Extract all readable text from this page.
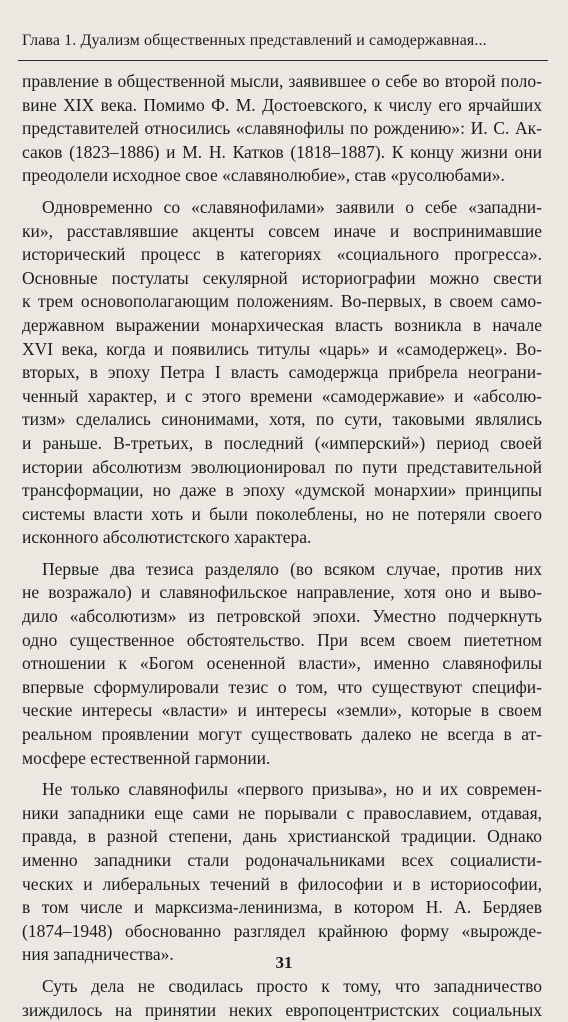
Глава 1. Дуализм общественных представлений и самодержавная...
правление в общественной мысли, заявившее о себе во второй поло-
вине XIX века. Помимо Ф. М. Достоевского, к числу его ярчайших
представителей относились «славянофилы по рождению»: И. С. Ак-
саков (1823–1886) и М. Н. Катков (1818–1887). К концу жизни они
преодолели исходное свое «славянолюбие», став «русолюбами».
Одновременно со «славянофилами» заявили о себе «западни-
ки», расставлявшие акценты совсем иначе и воспринимавшие
исторический процесс в категориях «социального прогресса».
Основные постулаты секулярной историографии можно свести
к трем основополагающим положениям. Во-первых, в своем само-
державном выражении монархическая власть возникла в начале
XVI века, когда и появились титулы «царь» и «самодержец». Во-
вторых, в эпоху Петра I власть самодержца прибрела неограни-
ченный характер, и с этого времени «самодержавие» и «абсолю-
тизм» сделались синонимами, хотя, по сути, таковыми являлись
и раньше. В-третьих, в последний («имперский») период своей
истории абсолютизм эволюционировал по пути представительной
трансформации, но даже в эпоху «думской монархии» принципы
системы власти хоть и были поколеблены, но не потеряли своего
исконного абсолютистского характера.
Первые два тезиса разделяло (во всяком случае, против них
не возражало) и славянофильское направление, хотя оно и выво-
дило «абсолютизм» из петровской эпохи. Уместно подчеркнуть
одно существенное обстоятельство. При всем своем пиететном
отношении к «Богом осененной власти», именно славянофилы
впервые сформулировали тезис о том, что существуют специфи-
ческие интересы «власти» и интересы «земли», которые в своем
реальном проявлении могут существовать далеко не всегда в ат-
мосфере естественной гармонии.
Не только славянофилы «первого призыва», но и их современ-
ники западники еще сами не порывали с православием, отдавая,
правда, в разной степени, дань христианской традиции. Однако
именно западники стали родоначальниками всех социалисти-
ческих и либеральных течений в философии и в историософии,
в том числе и марксизма-ленинизма, в котором Н. А. Бердяев
(1874–1948) обоснованно разглядел крайнюю форму «вырожде-
ния западничества».
Суть дела не сводилась просто к тому, что западничество
зиждилось на принятии неких европоцентристских социальных
31
